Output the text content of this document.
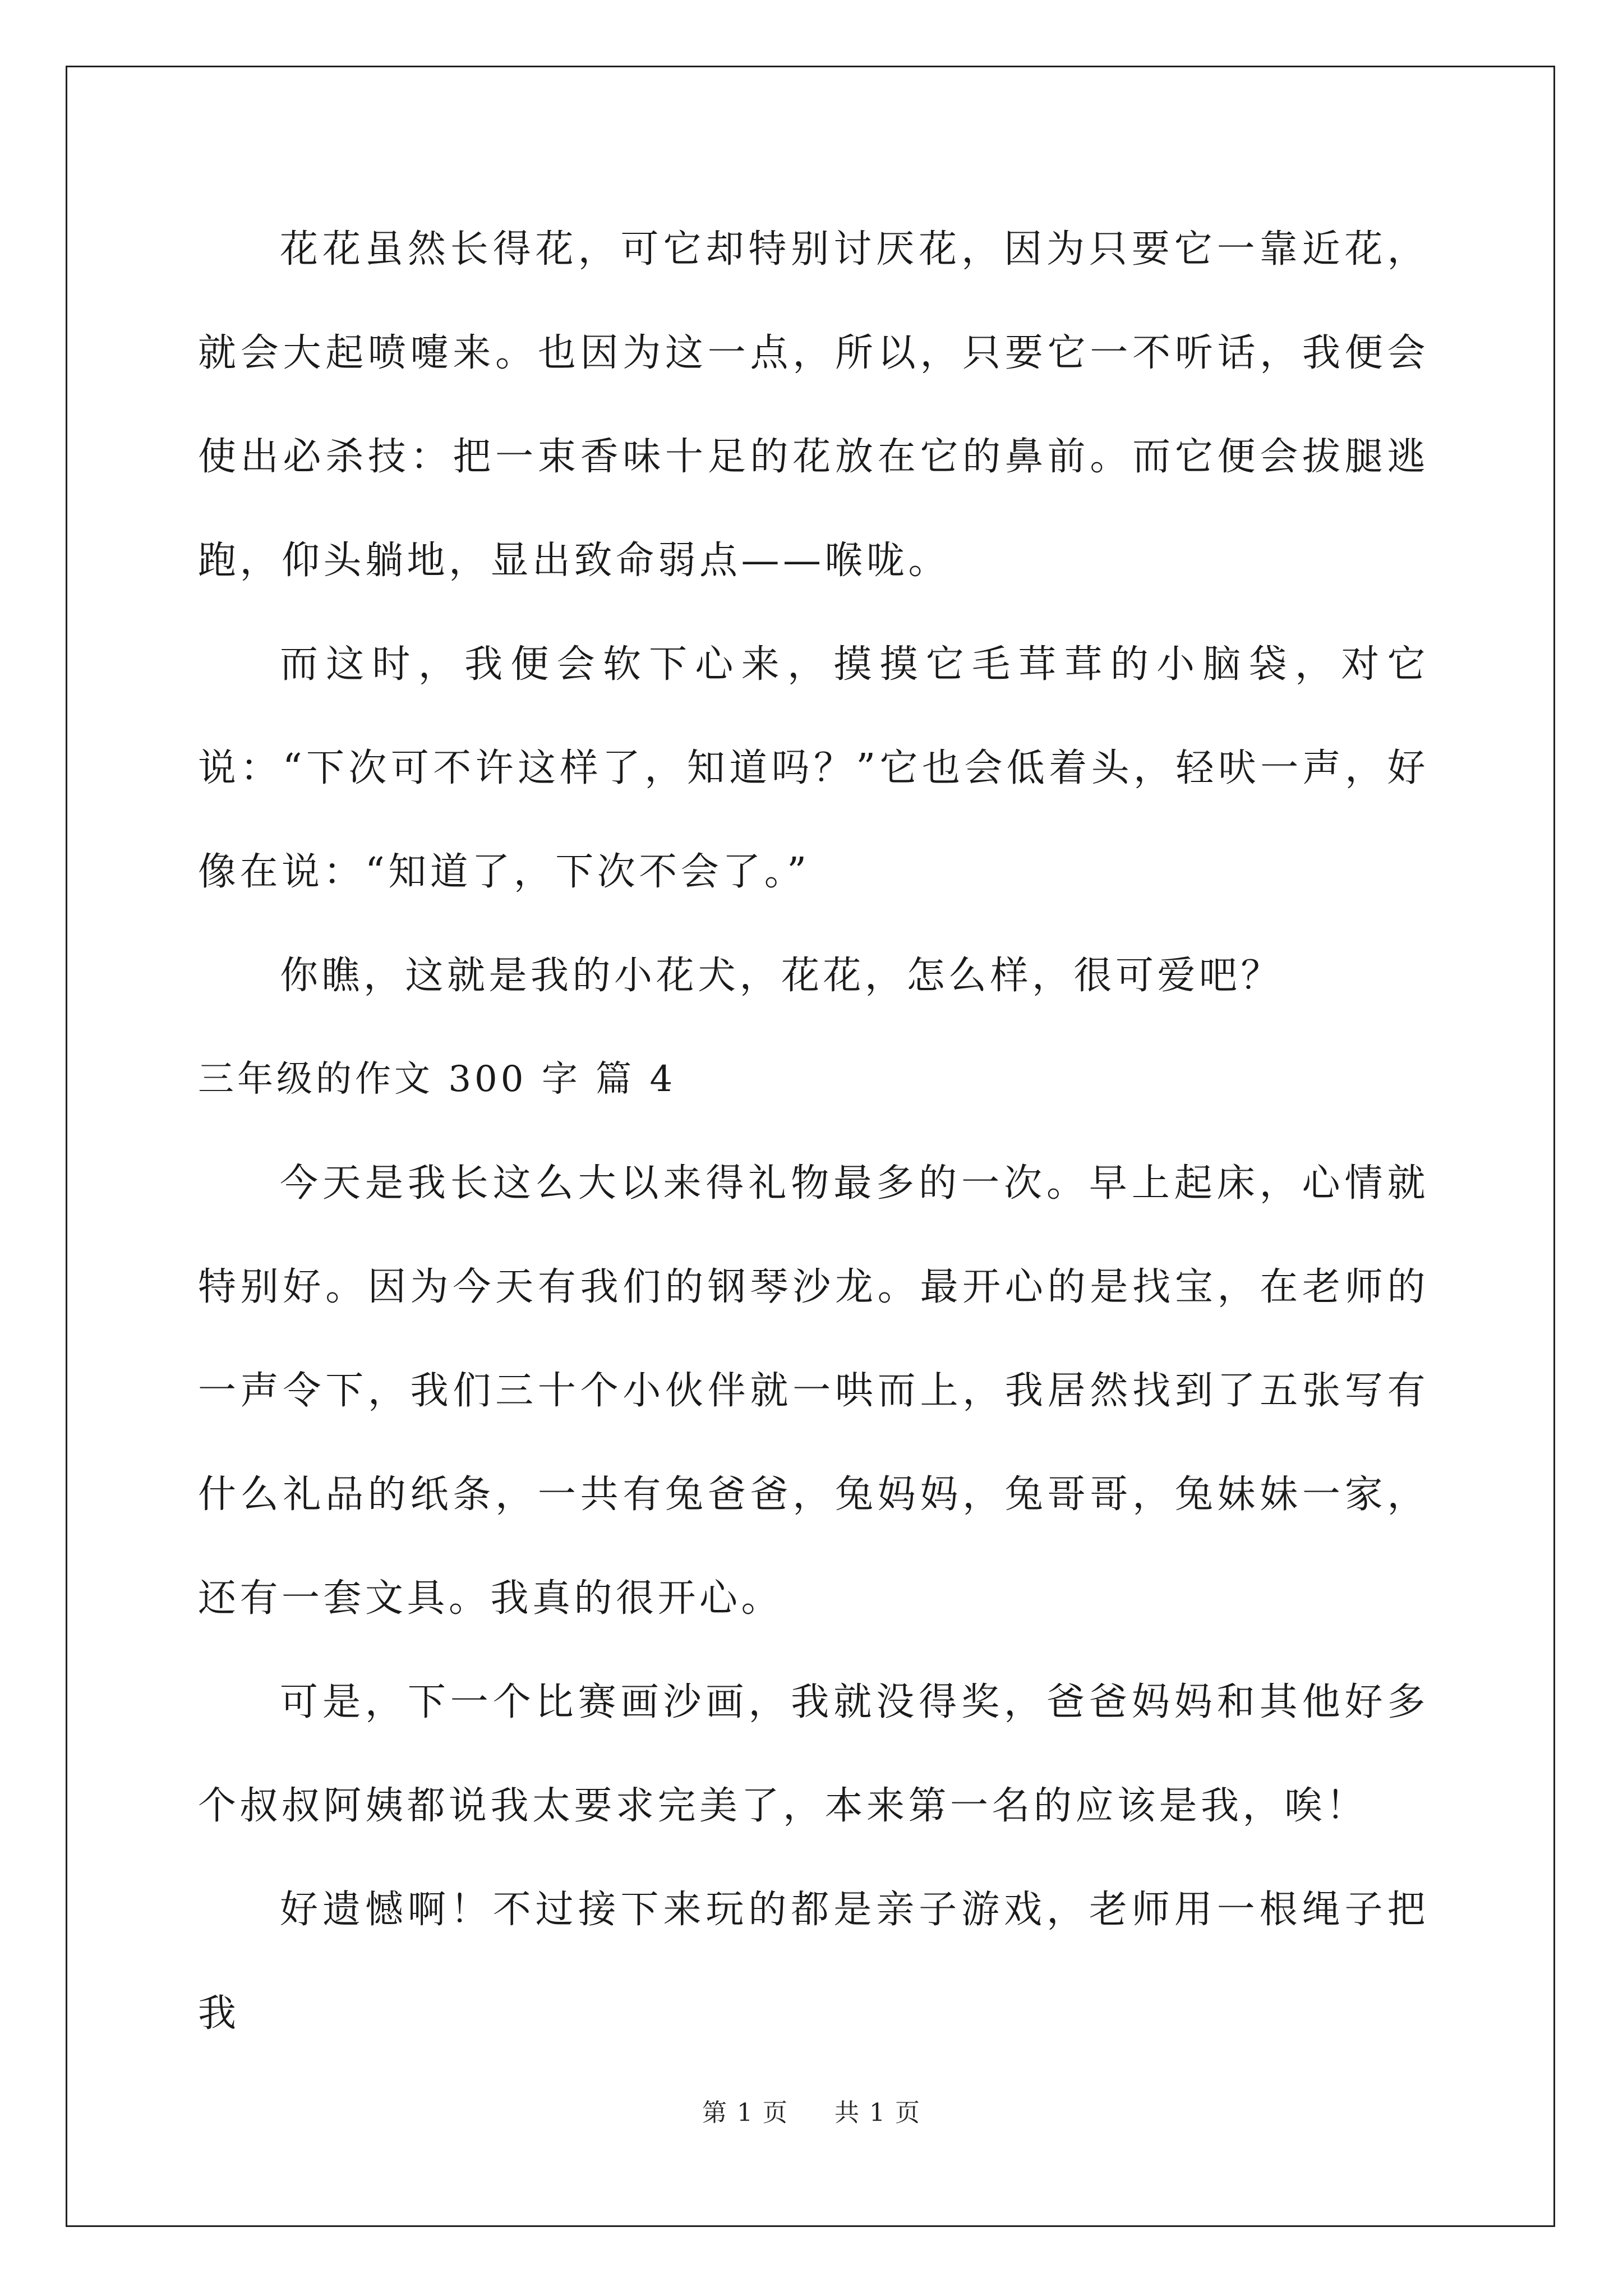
花花虽然长得花，可它却特别讨厌花，因为只要它一靠近花，就会大起喷嚏来。也因为这一点，所以，只要它一不听话，我便会使出必杀技：把一束香味十足的花放在它的鼻前。而它便会拔腿逃跑，仰头躺地，显出致命弱点——喉咙。

而这时，我便会软下心来，摸摸它毛茸茸的小脑袋，对它说：“下次可不许这样了，知道吗？”它也会低着头，轻吠一声，好像在说：“知道了，下次不会了。”

你瞧，这就是我的小花犬，花花，怎么样，很可爱吧？

三年级的作文 300 字 篇 4

今天是我长这么大以来得礼物最多的一次。早上起床，心情就特别好。因为今天有我们的钢琴沙龙。最开心的是找宝，在老师的一声令下，我们三十个小伙伴就一哄而上，我居然找到了五张写有什么礼品的纸条，一共有兔爸爸，兔妈妈，兔哥哥，兔妹妹一家，还有一套文具。我真的很开心。

可是，下一个比赛画沙画，我就没得奖，爸爸妈妈和其他好多个叔叔阿姨都说我太要求完美了，本来第一名的应该是我，唉！

好遗憾啊！不过接下来玩的都是亲子游戏，老师用一根绳子把我

第 1 页 共 1 页
